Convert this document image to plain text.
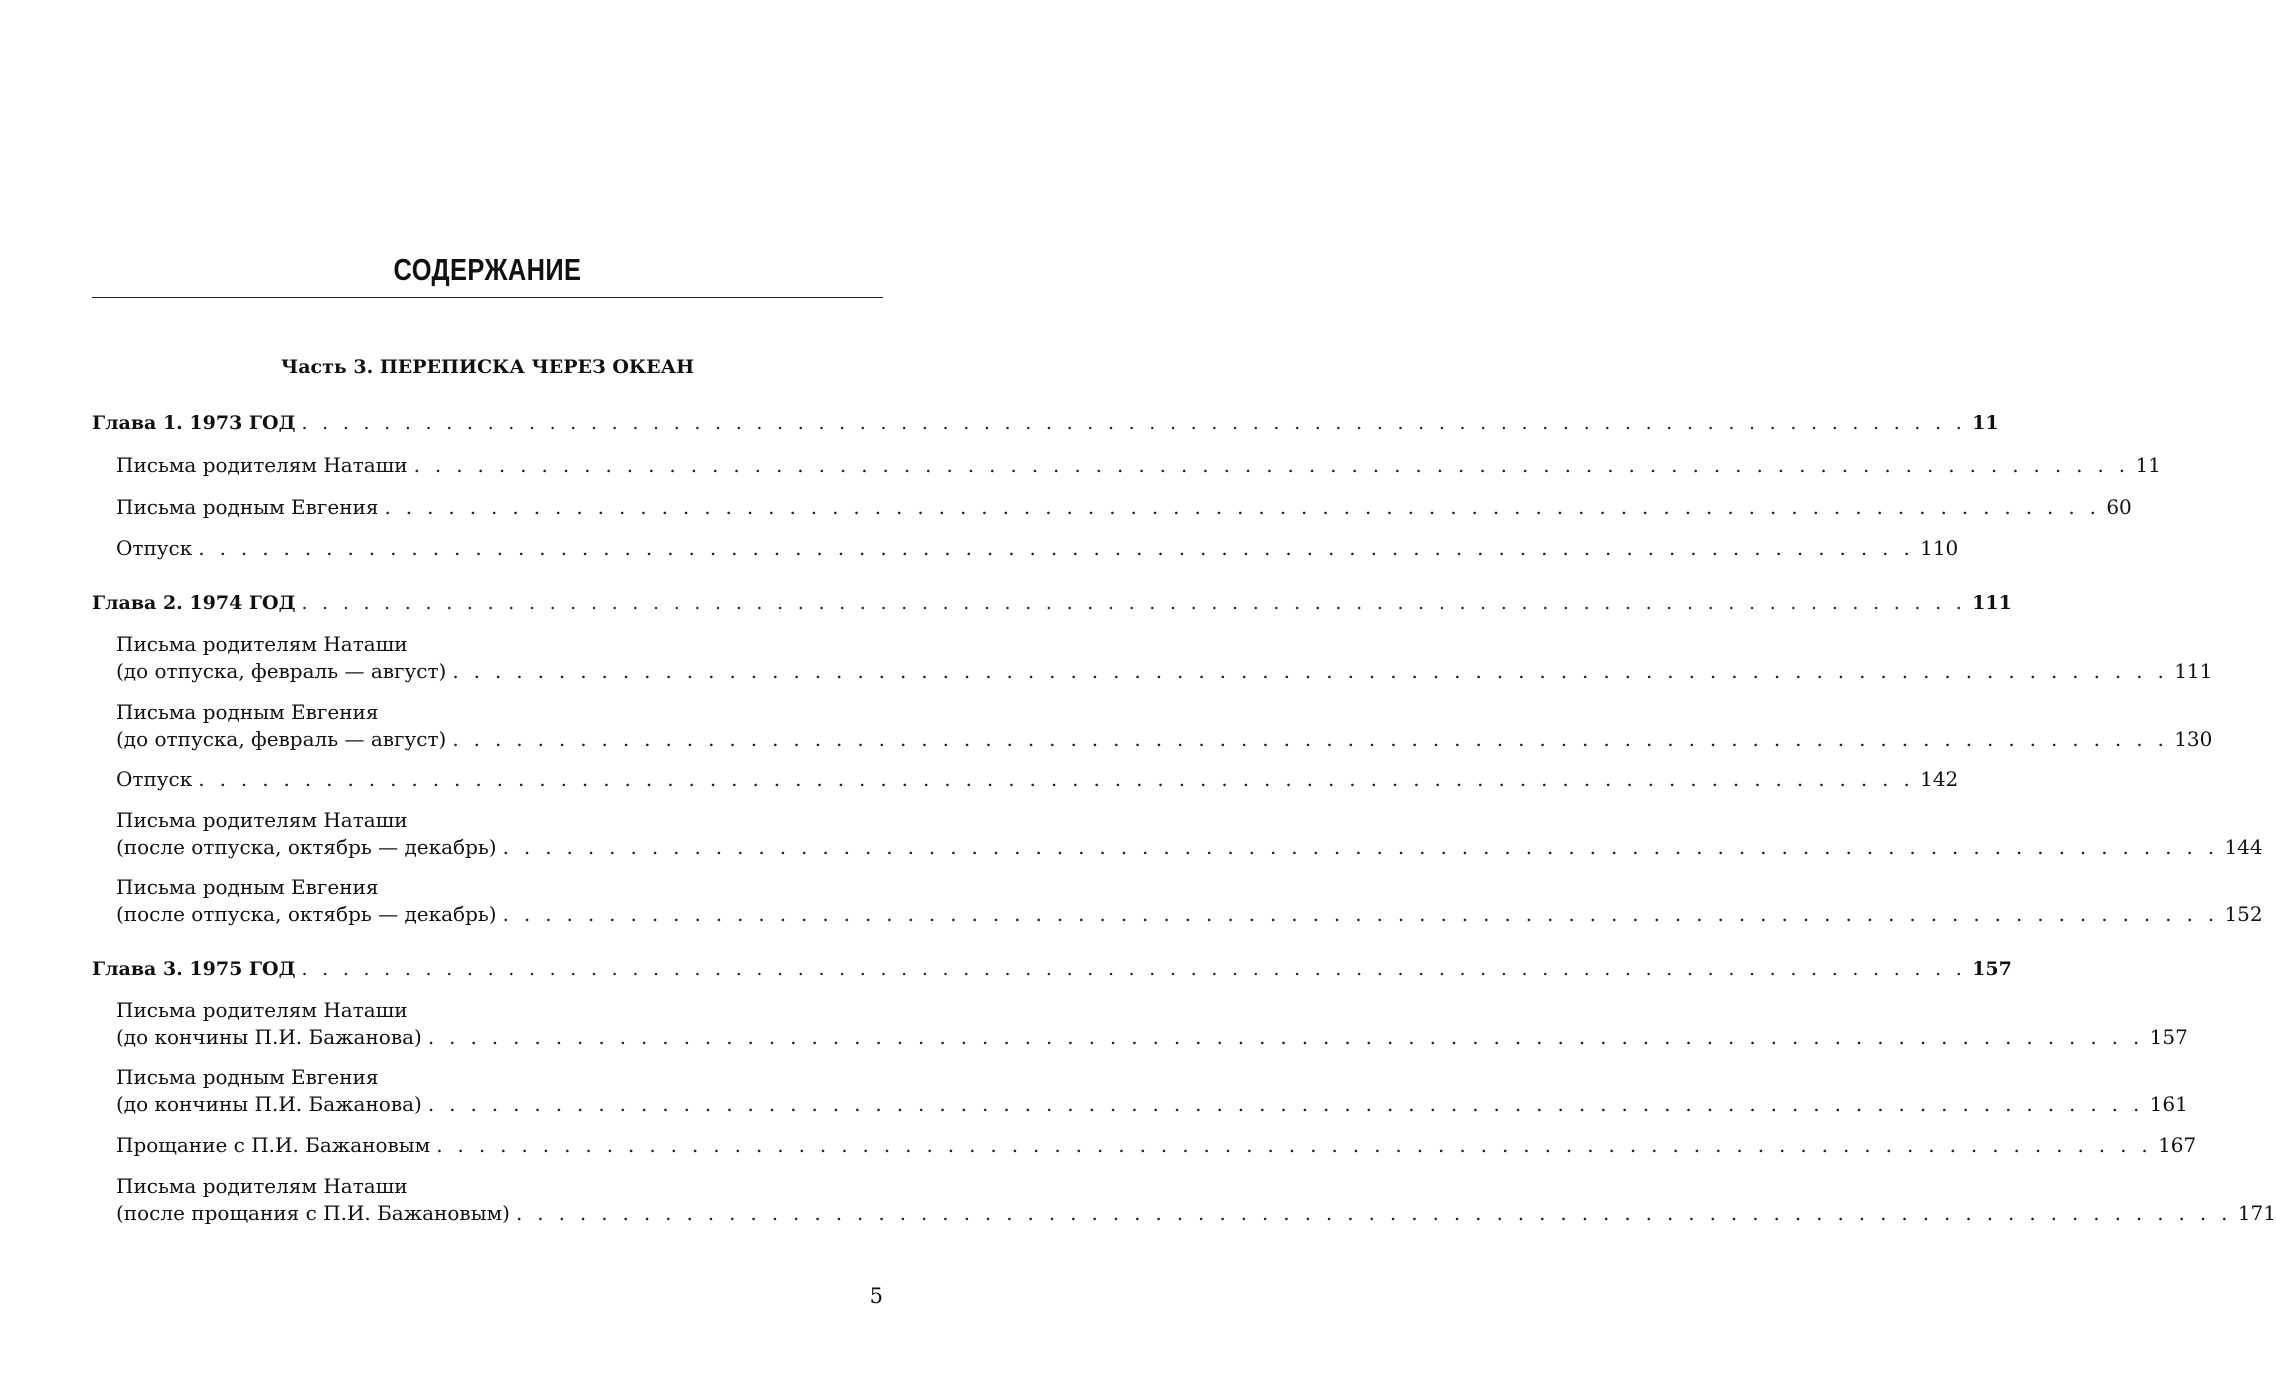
СОДЕРЖАНИЕ
Часть 3. ПЕРЕПИСКА ЧЕРЕЗ ОКЕАН
Глава 1. 1973 ГОД . . . . . . . . . . . . . . . . . . . . . . . . . . . . . . . . . . . . . . . . . . . . . . . . . . . . . . . . . . . . . . . . . . . . . . . . . . . . . . . . . 11
Письма родителям Наташи . . . . . . . . . . . . . . . . . . . . . . . . . . . . . . . . . . . . . . . . . . . . . . . . . . . . . . . . . . . . . . . . . . . . . . . . . . . . . . . . . 11
Письма родным Евгения . . . . . . . . . . . . . . . . . . . . . . . . . . . . . . . . . . . . . . . . . . . . . . . . . . . . . . . . . . . . . . . . . . . . . . . . . . . . . . . . . 60
Отпуск . . . . . . . . . . . . . . . . . . . . . . . . . . . . . . . . . . . . . . . . . . . . . . . . . . . . . . . . . . . . . . . . . . . . . . . . . . . . . . . . . 110
Глава 2. 1974 ГОД . . . . . . . . . . . . . . . . . . . . . . . . . . . . . . . . . . . . . . . . . . . . . . . . . . . . . . . . . . . . . . . . . . . . . . . . . . . . . . . . . 111
Письма родителям Наташи
(до отпуска, февраль — август) . . . . . . . . . . . . . . . . . . . . . . . . . . . . . . . . . . . . . . . . . . . . . . . . . . . . . . . . . . . . . . . . . . . . . . . . . . . . . . . . . 111
Письма родным Евгения
(до отпуска, февраль — август) . . . . . . . . . . . . . . . . . . . . . . . . . . . . . . . . . . . . . . . . . . . . . . . . . . . . . . . . . . . . . . . . . . . . . . . . . . . . . . . . . 130
Отпуск . . . . . . . . . . . . . . . . . . . . . . . . . . . . . . . . . . . . . . . . . . . . . . . . . . . . . . . . . . . . . . . . . . . . . . . . . . . . . . . . . 142
Письма родителям Наташи
(после отпуска, октябрь — декабрь) . . . . . . . . . . . . . . . . . . . . . . . . . . . . . . . . . . . . . . . . . . . . . . . . . . . . . . . . . . . . . . . . . . . . . . . . . . . . . . . . . 144
Письма родным Евгения
(после отпуска, октябрь — декабрь) . . . . . . . . . . . . . . . . . . . . . . . . . . . . . . . . . . . . . . . . . . . . . . . . . . . . . . . . . . . . . . . . . . . . . . . . . . . . . . . . . 152
Глава 3. 1975 ГОД . . . . . . . . . . . . . . . . . . . . . . . . . . . . . . . . . . . . . . . . . . . . . . . . . . . . . . . . . . . . . . . . . . . . . . . . . . . . . . . . . 157
Письма родителям Наташи
(до кончины П.И. Бажанова) . . . . . . . . . . . . . . . . . . . . . . . . . . . . . . . . . . . . . . . . . . . . . . . . . . . . . . . . . . . . . . . . . . . . . . . . . . . . . . . . . 157
Письма родным Евгения
(до кончины П.И. Бажанова) . . . . . . . . . . . . . . . . . . . . . . . . . . . . . . . . . . . . . . . . . . . . . . . . . . . . . . . . . . . . . . . . . . . . . . . . . . . . . . . . . 161
Прощание с П.И. Бажановым . . . . . . . . . . . . . . . . . . . . . . . . . . . . . . . . . . . . . . . . . . . . . . . . . . . . . . . . . . . . . . . . . . . . . . . . . . . . . . . . . 167
Письма родителям Наташи
(после прощания с П.И. Бажановым) . . . . . . . . . . . . . . . . . . . . . . . . . . . . . . . . . . . . . . . . . . . . . . . . . . . . . . . . . . . . . . . . . . . . . . . . . . . . . . . . . 171
5
